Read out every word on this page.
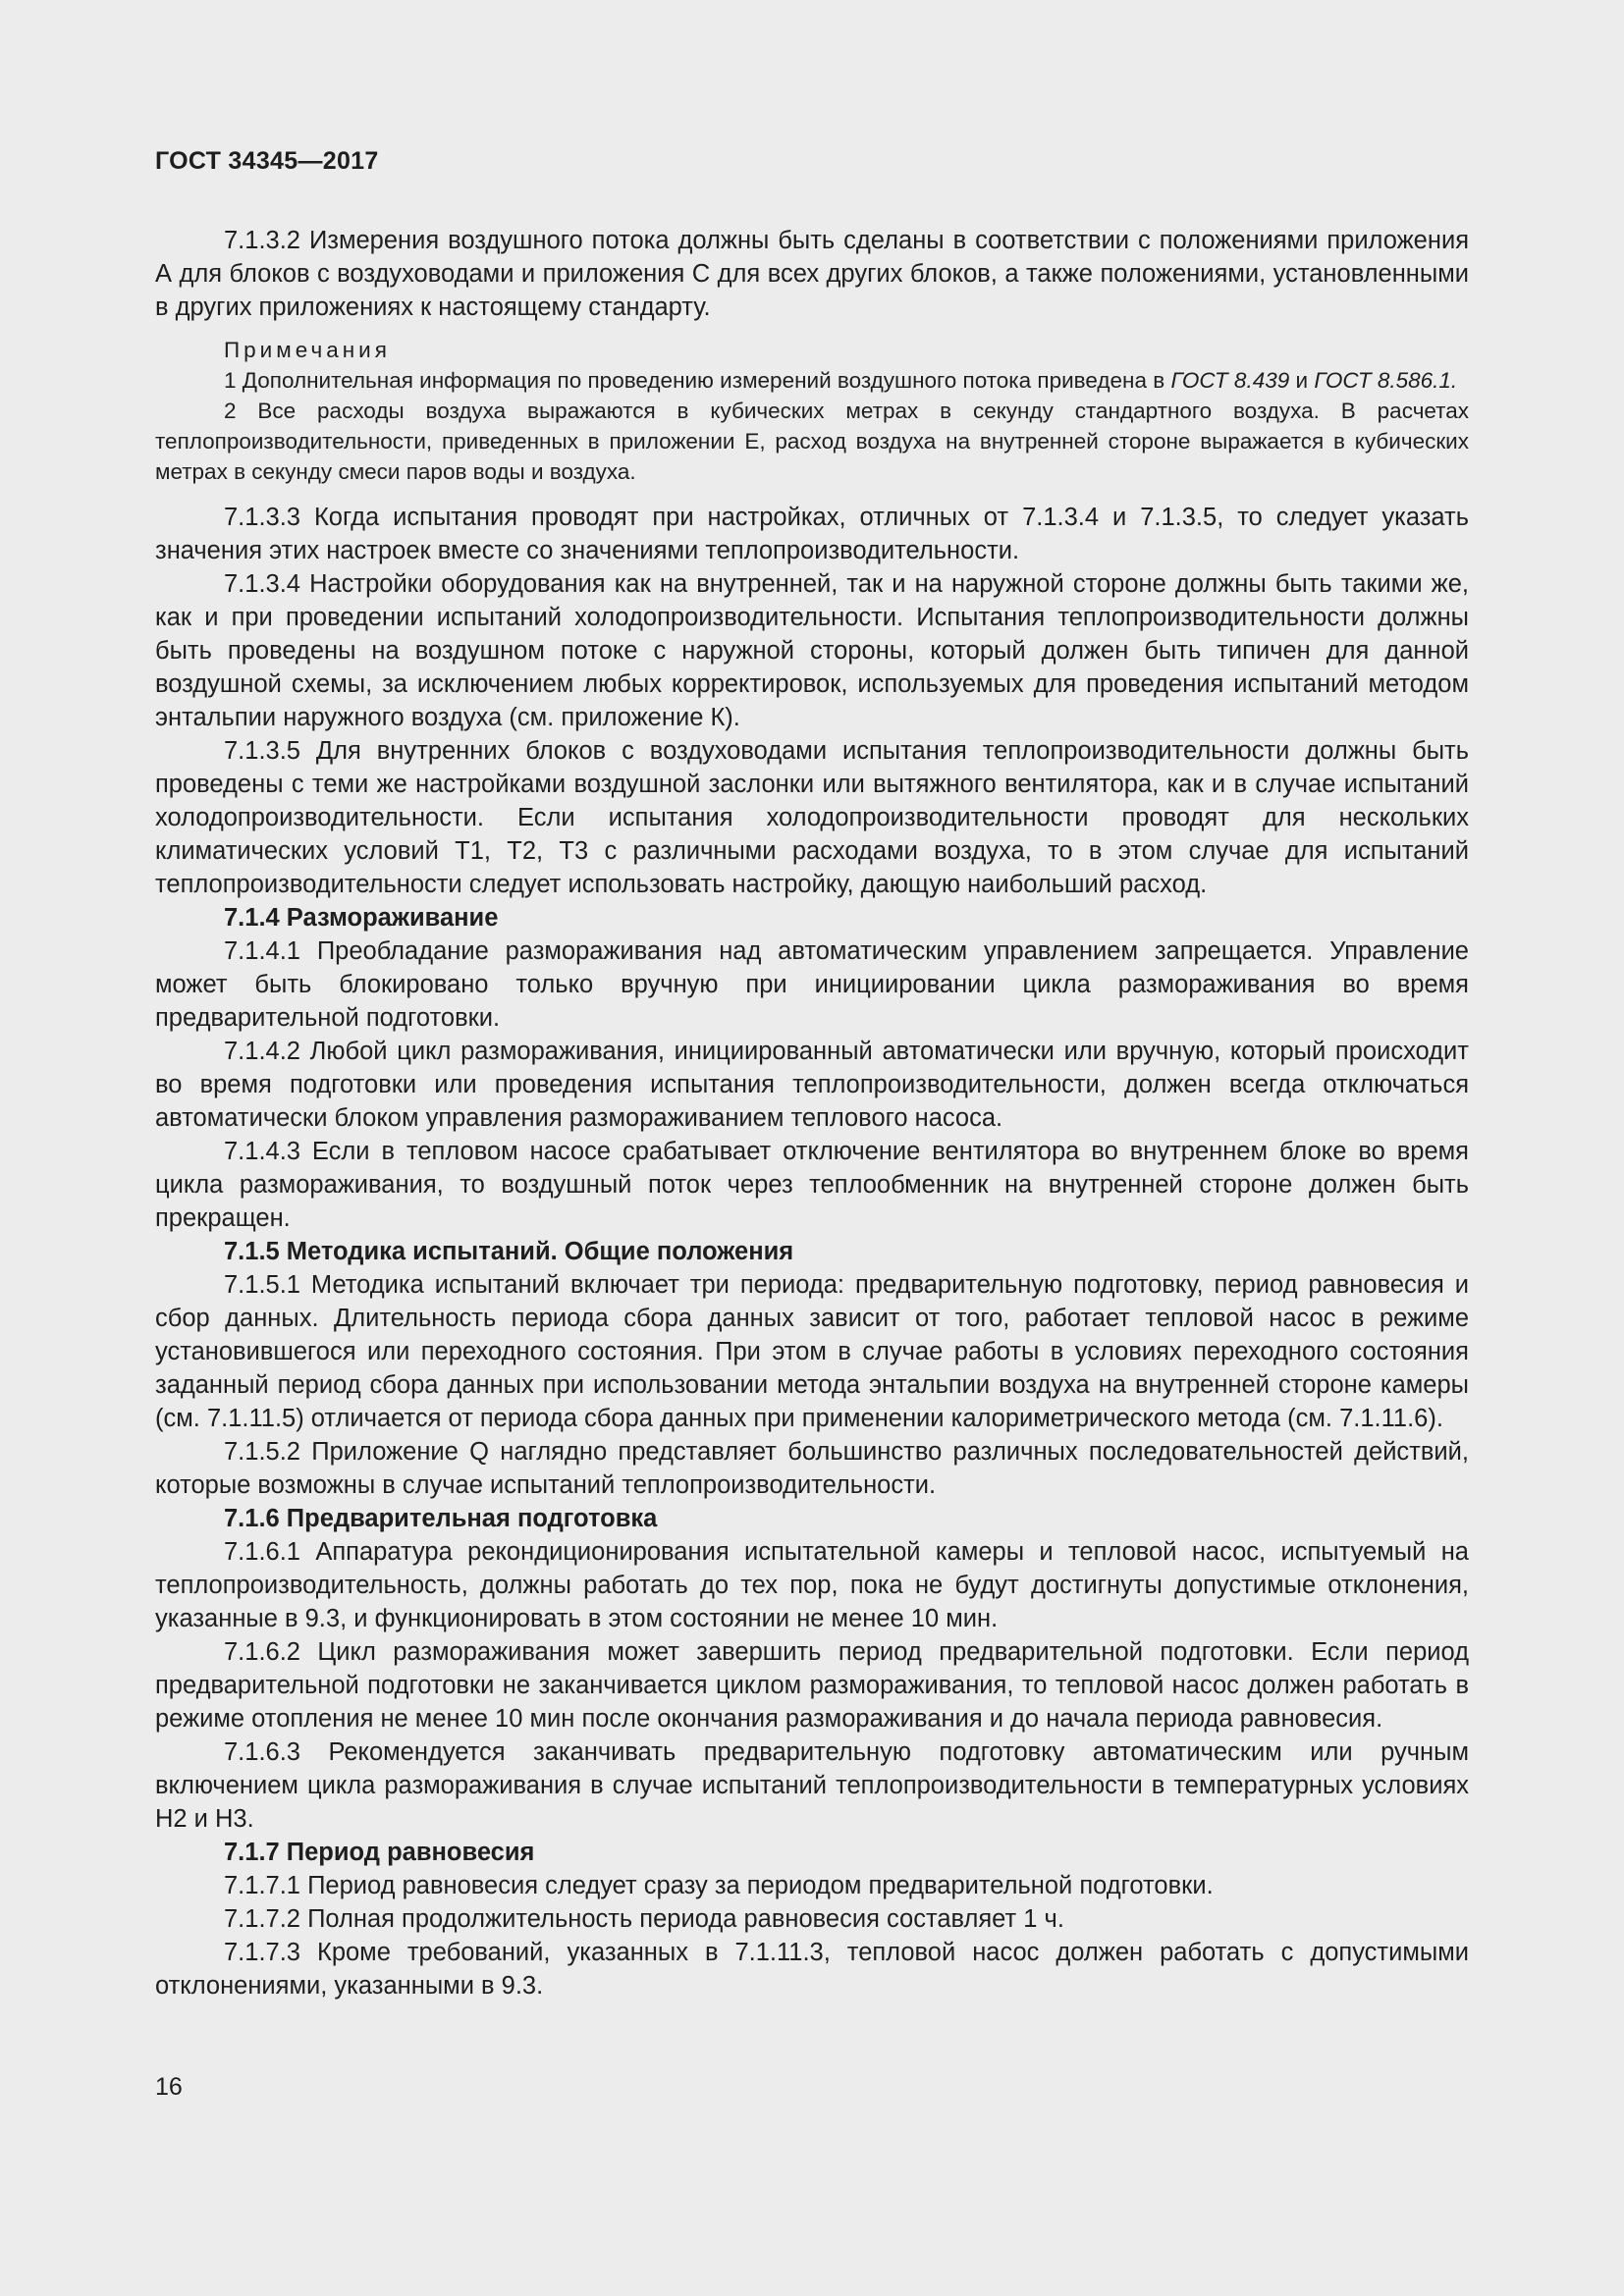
ГОСТ 34345—2017

7.1.3.2 Измерения воздушного потока должны быть сделаны в соответствии с положениями приложения А для блоков с воздуховодами и приложения С для всех других блоков, а также положениями, установленными в других приложениях к настоящему стандарту.

Примечания

1 Дополнительная информация по проведению измерений воздушного потока приведена в ГОСТ 8.439 и ГОСТ 8.586.1.

2 Все расходы воздуха выражаются в кубических метрах в секунду стандартного воздуха. В расчетах теплопроизводительности, приведенных в приложении E, расход воздуха на внутренней стороне выражается в кубических метрах в секунду смеси паров воды и воздуха.

7.1.3.3 Когда испытания проводят при настройках, отличных от 7.1.3.4 и 7.1.3.5, то следует указать значения этих настроек вместе со значениями теплопроизводительности.

7.1.3.4 Настройки оборудования как на внутренней, так и на наружной стороне должны быть такими же, как и при проведении испытаний холодопроизводительности. Испытания теплопроизводительности должны быть проведены на воздушном потоке с наружной стороны, который должен быть типичен для данной воздушной схемы, за исключением любых корректировок, используемых для проведения испытаний методом энтальпии наружного воздуха (см. приложение К).

7.1.3.5 Для внутренних блоков с воздуховодами испытания теплопроизводительности должны быть проведены с теми же настройками воздушной заслонки или вытяжного вентилятора, как и в случае испытаний холодопроизводительности. Если испытания холодопроизводительности проводят для нескольких климатических условий Т1, Т2, Т3 с различными расходами воздуха, то в этом случае для испытаний теплопроизводительности следует использовать настройку, дающую наибольший расход.

7.1.4 Размораживание

7.1.4.1 Преобладание размораживания над автоматическим управлением запрещается. Управление может быть блокировано только вручную при инициировании цикла размораживания во время предварительной подготовки.

7.1.4.2 Любой цикл размораживания, инициированный автоматически или вручную, который происходит во время подготовки или проведения испытания теплопроизводительности, должен всегда отключаться автоматически блоком управления размораживанием теплового насоса.

7.1.4.3 Если в тепловом насосе срабатывает отключение вентилятора во внутреннем блоке во время цикла размораживания, то воздушный поток через теплообменник на внутренней стороне должен быть прекращен.

7.1.5 Методика испытаний. Общие положения

7.1.5.1 Методика испытаний включает три периода: предварительную подготовку, период равновесия и сбор данных. Длительность периода сбора данных зависит от того, работает тепловой насос в режиме установившегося или переходного состояния. При этом в случае работы в условиях переходного состояния заданный период сбора данных при использовании метода энтальпии воздуха на внутренней стороне камеры (см. 7.1.11.5) отличается от периода сбора данных при применении калориметрического метода (см. 7.1.11.6).

7.1.5.2 Приложение Q наглядно представляет большинство различных последовательностей действий, которые возможны в случае испытаний теплопроизводительности.

7.1.6 Предварительная подготовка

7.1.6.1 Аппаратура рекондиционирования испытательной камеры и тепловой насос, испытуемый на теплопроизводительность, должны работать до тех пор, пока не будут достигнуты допустимые отклонения, указанные в 9.3, и функционировать в этом состоянии не менее 10 мин.

7.1.6.2 Цикл размораживания может завершить период предварительной подготовки. Если период предварительной подготовки не заканчивается циклом размораживания, то тепловой насос должен работать в режиме отопления не менее 10 мин после окончания размораживания и до начала периода равновесия.

7.1.6.3 Рекомендуется заканчивать предварительную подготовку автоматическим или ручным включением цикла размораживания в случае испытаний теплопроизводительности в температурных условиях Н2 и Н3.

7.1.7 Период равновесия

7.1.7.1 Период равновесия следует сразу за периодом предварительной подготовки.

7.1.7.2 Полная продолжительность периода равновесия составляет 1 ч.

7.1.7.3 Кроме требований, указанных в 7.1.11.3, тепловой насос должен работать с допустимыми отклонениями, указанными в 9.3.

16
